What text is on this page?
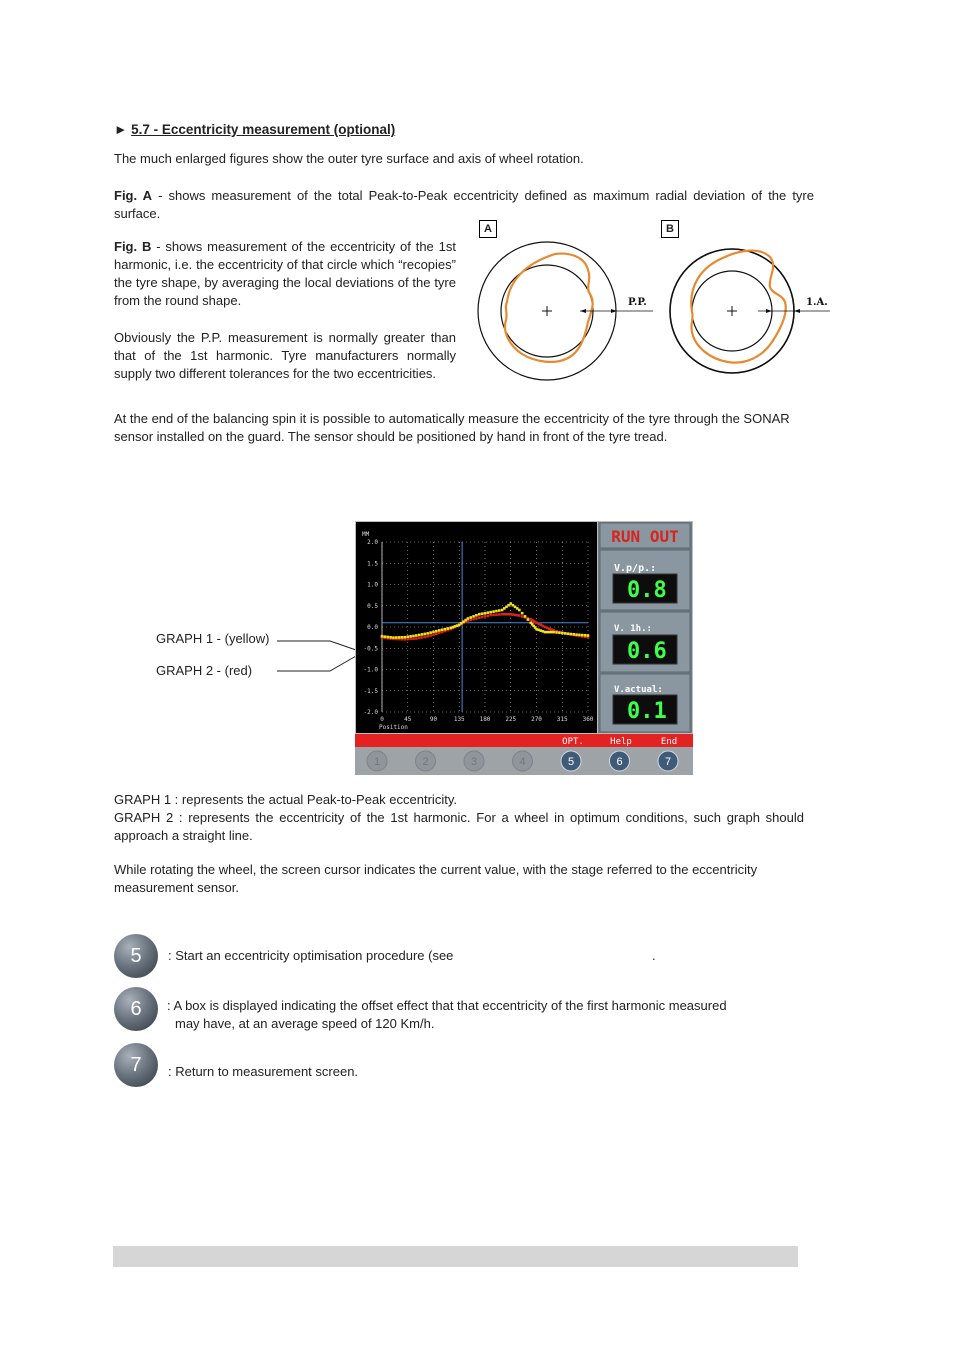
► 5.7 - Eccentricity measurement (optional)
The much enlarged figures show the outer tyre surface and axis of wheel rotation.
Fig. A - shows measurement of the total Peak-to-Peak eccentricity defined as maximum radial deviation of the tyre surface.
Fig. B - shows measurement of the eccentricity of the 1st harmonic, i.e. the eccentricity of that circle which “recopies” the tyre shape, by averaging the local deviations of the tyre from the round shape.
Obviously the P.P. measurement is normally greater than that of the 1st harmonic. Tyre manufacturers normally supply two different tolerances for the two eccentricities.
A	B
P.P.	1.A.
At the end of the balancing spin it is possible to automatically measure the eccentricity of the tyre through the SONAR sensor installed on the guard. The sensor should be positioned by hand in front of the tyre tread.
GRAPH 1 - (yellow)
GRAPH 2 - (red)
MM
2.0
1.5
1.0
0.5
0.0
-0.5
-1.0
-1.5
-2.0
0	45	90	135 180 225 270 315 360
Position
RUN OUT
V.p/p.:
0.8
V. 1h.:
0.6
V.actual:
0.1
OPT.	Help	End
1	2	3	4	5	6	7
GRAPH 1 : represents the actual Peak-to-Peak eccentricity.
GRAPH 2 : represents the eccentricity of the 1st harmonic. For a wheel in optimum conditions, such graph should approach a straight line.
While rotating the wheel, the screen cursor indicates the current value, with the stage referred to the eccentricity measurement sensor.
5	: Start an eccentricity optimisation procedure (see	.
6	: A box is displayed indicating the offset effect that that eccentricity of the first harmonic measured
may have, at an average speed of 120 Km/h.
7	: Return to measurement screen.
